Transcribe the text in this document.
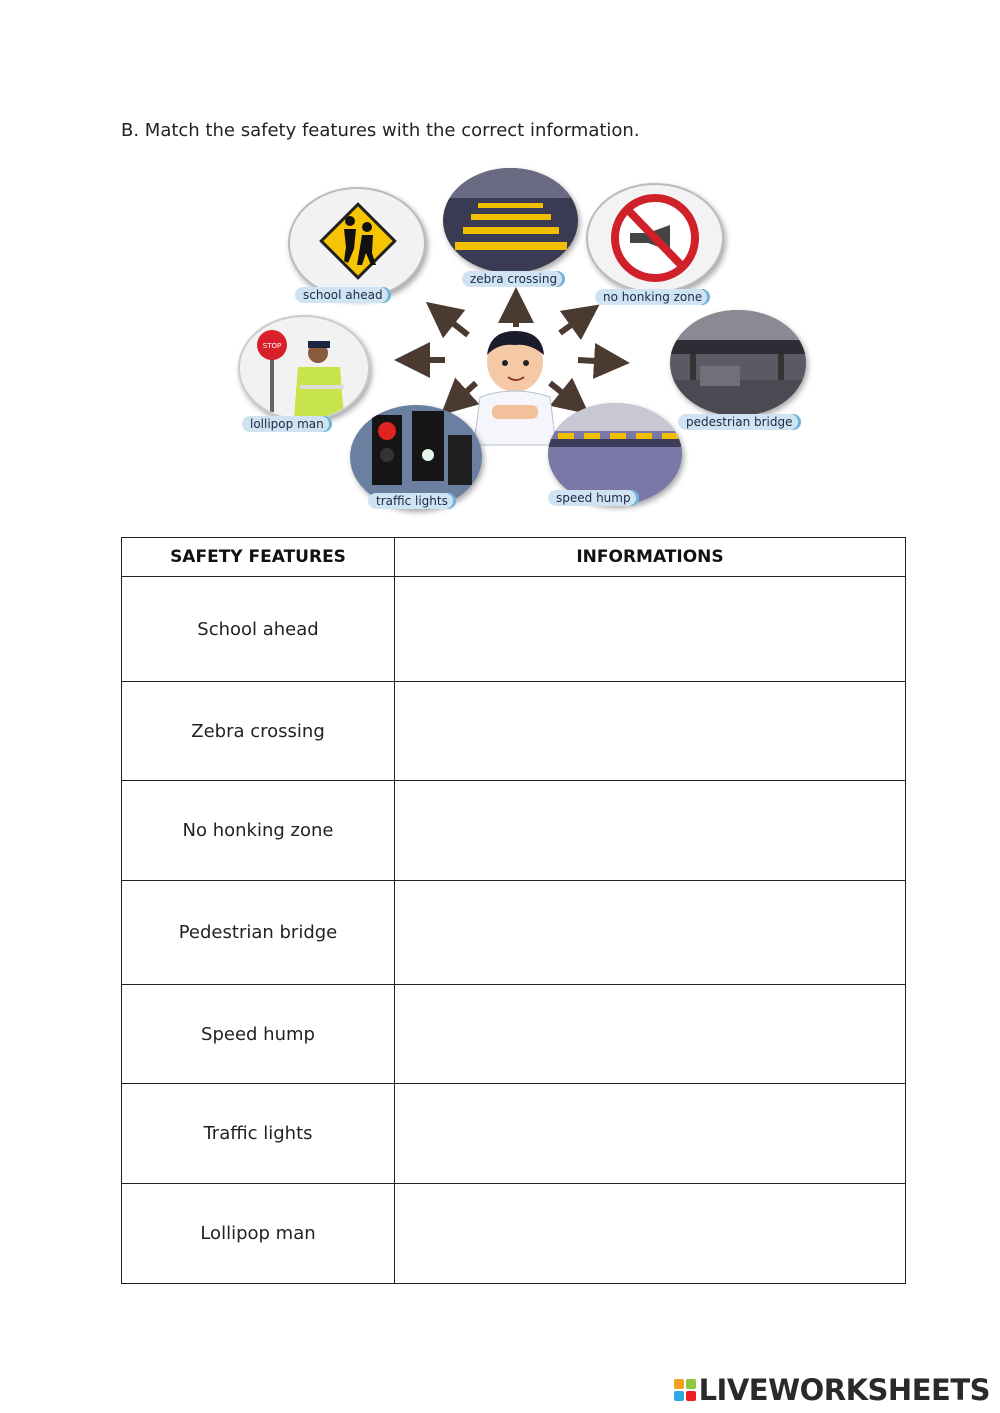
B. Match the safety features with the correct information.
school ahead
zebra crossing
no honking zone
STOP
lollipop man
traffic lights	speed hump
pedestrian bridge
SAFETY FEATURES	INFORMATIONS
School ahead	
Zebra crossing	
No honking zone	
Pedestrian bridge	
Speed hump	
Traffic lights	
Lollipop man	
LIVEWORKSHEETS
